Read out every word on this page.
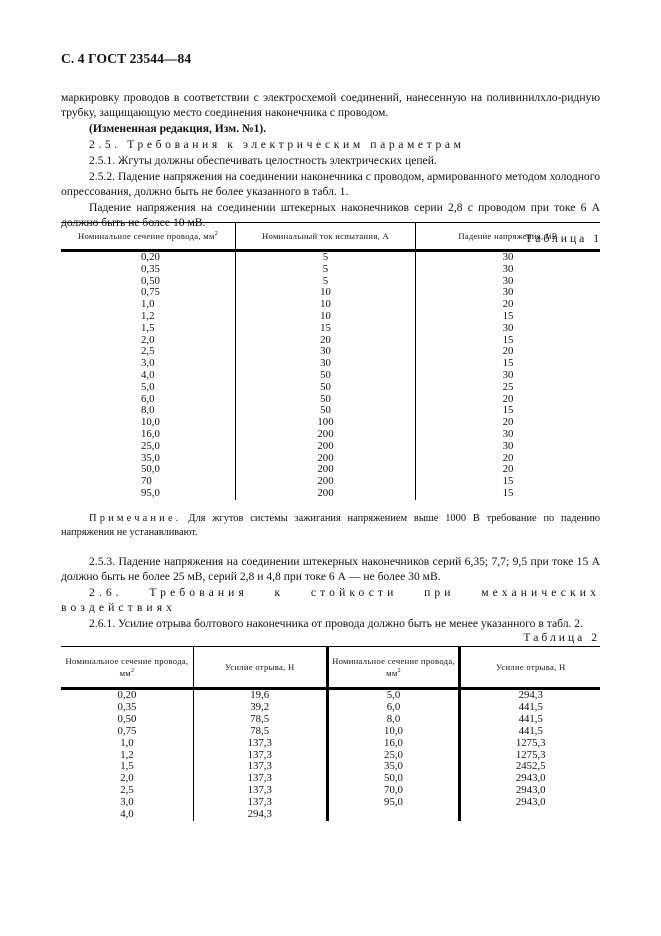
С. 4 ГОСТ 23544—84

маркировку проводов в соответствии с электросхемой соединений, нанесенную на поливинилхло-ридную трубку, защищающую место соединения наконечника с проводом.

(Измененная редакция, Изм. №1).

2.5. Требования к электрическим параметрам

2.5.1. Жгуты должны обеспечивать целостность электрических цепей.

2.5.2. Падение напряжения на соединении наконечника с проводом, армированного методом холодного опрессования, должно быть не более указанного в табл. 1.

Падение напряжения на соединении штекерных наконечников серии 2,8 с проводом при токе 6 А должно быть не более 10 мВ.

Таблица 1
Номинальное сечение провода, $мм^2$	Номинальный ток испытания, А	Падение напряжения, мВ
0,20	5	30
0,35	5	30
0,50	5	30
0,75	10	30
1,0	10	20
1,2	10	15
1,5	15	30
2,0	20	15
2,5	30	20
3,0	30	15
4,0	50	30
5,0	50	25
6,0	50	20
8,0	50	15
10,0	100	20
16,0	200	30
25,0	200	30
35,0	200	20
50,0	200	20
70	200	15
95,0	200	15

Примечание. Для жгутов системы зажигания напряжением выше 1000 В требование по падению напряжения не устанавливают.

2.5.3. Падение напряжения на соединении штекерных наконечников серий 6,35; 7,7; 9,5 при токе 15 А должно быть не более 25 мВ, серий 2,8 и 4,8 при токе 6 А — не более 30 мВ.

2.6. Требования к стойкости при механических воздействиях

2.6.1. Усилие отрыва болтового наконечника от провода должно быть не менее указанного в табл. 2.

Таблица 2
Номинальное сечение провода, $мм^2$	Усилие отрыва, Н	Номинальное сечение провода, $мм^2$	Усилие отрыва, Н
0,20	19,6	5,0	294,3
0,35	39,2	6,0	441,5
0,50	78,5	8,0	441,5
0,75	78,5	10,0	441,5
1,0	137,3	16,0	1275,3
1,2	137,3	25,0	1275,3
1,5	137,3	35,0	2452,5
2,0	137,3	50,0	2943,0
2,5	137,3	70,0	2943,0
3,0	137,3	95,0	2943,0
4,0	294,3		
